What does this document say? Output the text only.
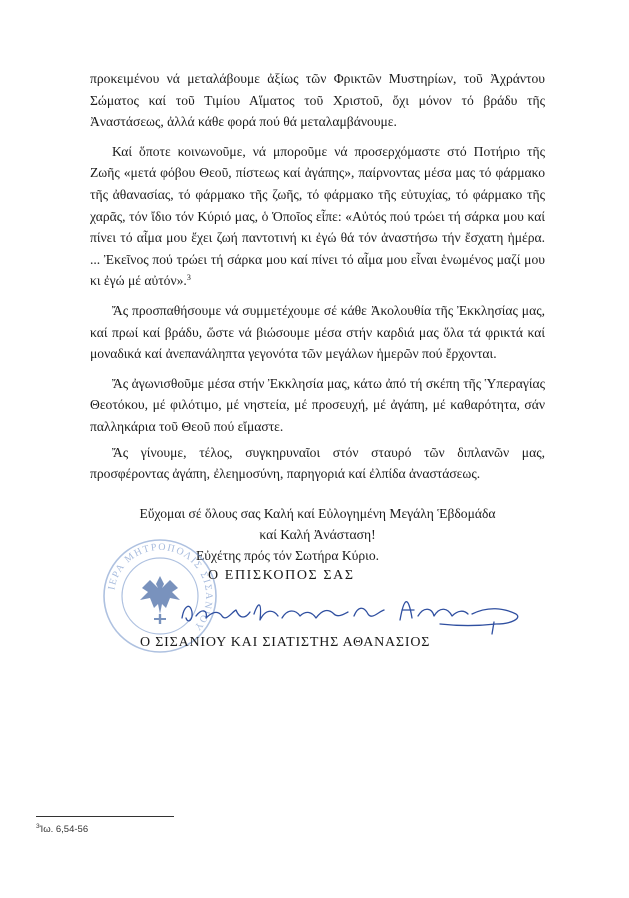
προκειμένου νά μεταλάβουμε ἀξίως τῶν Φρικτῶν Μυστηρίων, τοῦ Ἀχράντου Σώματος καί τοῦ Τιμίου Αἵματος τοῦ Χριστοῦ, ὄχι μόνον τό βράδυ τῆς Ἀναστάσεως, ἀλλά κάθε φορά πού θά μεταλαμβάνουμε.

Καί ὅποτε κοινωνοῦμε, νά μποροῦμε νά προσερχόμαστε στό Ποτήριο τῆς Ζωῆς «μετά φόβου Θεοῦ, πίστεως καί ἀγάπης», παίρνοντας μέσα μας τό φάρμακο τῆς ἀθανασίας, τό φάρμακο τῆς ζωῆς, τό φάρμακο τῆς εὐτυχίας, τό φάρμακο τῆς χαρᾶς, τόν ἴδιο τόν Κύριό μας, ὁ Ὁποῖος εἶπε: «Αὐτός πού τρώει τή σάρκα μου καί πίνει τό αἷμα μου ἔχει ζωή παντοτινή κι ἐγώ θά τόν ἀναστήσω τήν ἔσχατη ἡμέρα. ... Ἐκεῖνος πού τρώει τή σάρκα μου καί πίνει τό αἷμα μου εἶναι ἑνωμένος μαζί μου κι ἐγώ μέ αὐτόν».$^3$

Ἄς προσπαθήσουμε νά συμμετέχουμε σέ κάθε Ἀκολουθία τῆς Ἐκκλησίας μας, καί πρωί καί βράδυ, ὥστε νά βιώσουμε μέσα στήν καρδιά μας ὅλα τά φρικτά καί μοναδικά καί ἀνεπανάληπτα γεγονότα τῶν μεγάλων ἡμερῶν πού ἔρχονται.

Ἄς ἀγωνισθοῦμε μέσα στήν Ἐκκλησία μας, κάτω ἀπό τή σκέπη τῆς Ὑπεραγίας Θεοτόκου, μέ φιλότιμο, μέ νηστεία, μέ προσευχή, μέ ἀγάπη, μέ καθαρότητα, σάν παλληκάρια τοῦ Θεοῦ πού εἴμαστε.

Ἄς γίνουμε, τέλος, συγκηρυναῖοι στόν σταυρό τῶν διπλανῶν μας, προσφέροντας ἀγάπη, ἐλεημοσύνη, παρηγοριά καί ἐλπίδα ἀναστάσεως.

Εὔχομαι σέ ὅλους σας Καλή καί Εὐλογημένη Μεγάλη Ἑβδομάδα
καί Καλή Ἀνάσταση!
Εὐχέτης πρός τόν Σωτήρα Κύριο.
ΙΕΡΑ ΜΗΤΡΟΠΟΛΙΣ ΣΙΣΑΝΙΟΥ
Ο ΕΠΙΣΚΟΠΟΣ ΣΑΣ
Ο ΣΙΣΑΝΙΟΥ ΚΑΙ ΣΙΑΤΙΣΤΗΣ ΑΘΑΝΑΣΙΟΣ
$^3$Ἰω. 6,54-56
